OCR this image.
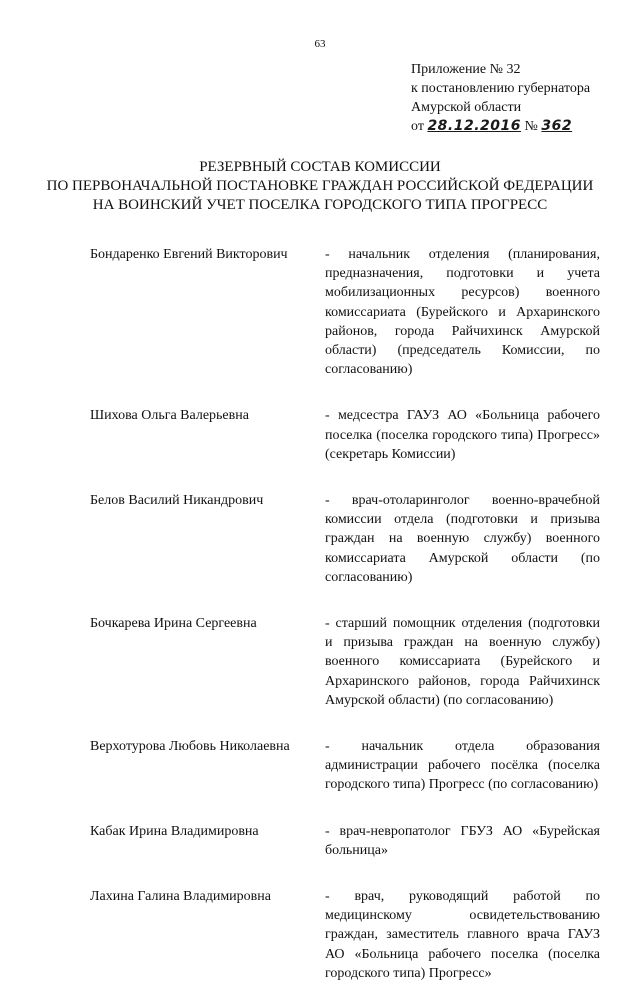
63
Приложение № 32
к постановлению губернатора
Амурской области
от 28.12.2016 № 362
РЕЗЕРВНЫЙ СОСТАВ КОМИССИИ
ПО ПЕРВОНАЧАЛЬНОЙ ПОСТАНОВКЕ ГРАЖДАН РОССИЙСКОЙ ФЕДЕРАЦИИ
НА ВОИНСКИЙ УЧЕТ ПОСЕЛКА ГОРОДСКОГО ТИПА ПРОГРЕСС
Бондаренко Евгений Викторович	- начальник отделения (планирования, предназначения, подготовки и учета мобилизационных ресурсов) военного комиссариата (Бурейского и Архаринского районов, города Райчихинск Амурской области) (председатель Комиссии, по согласованию)
Шихова Ольга Валерьевна	- медсестра ГАУЗ АО «Больница рабочего поселка (поселка городского типа) Прогресс» (секретарь Комиссии)
Белов Василий Никандрович	- врач-отоларинголог военно-врачебной комиссии отдела (подготовки и призыва граждан на военную службу) военного комиссариата Амурской области (по согласованию)
Бочкарева Ирина Сергеевна	- старший помощник отделения (подготовки и призыва граждан на военную службу) военного комиссариата (Бурейского и Архаринского районов, города Райчихинск Амурской области) (по согласованию)
Верхотурова Любовь Николаевна	- начальник отдела образования администрации рабочего посёлка (поселка городского типа) Прогресс (по согласованию)
Кабак Ирина Владимировна	- врач-невропатолог ГБУЗ АО «Бурейская больница»
Лахина Галина Владимировна	- врач, руководящий работой по медицинскому освидетельствованию граждан, заместитель главного врача ГАУЗ АО «Больница рабочего поселка (поселка городского типа) Прогресс»
